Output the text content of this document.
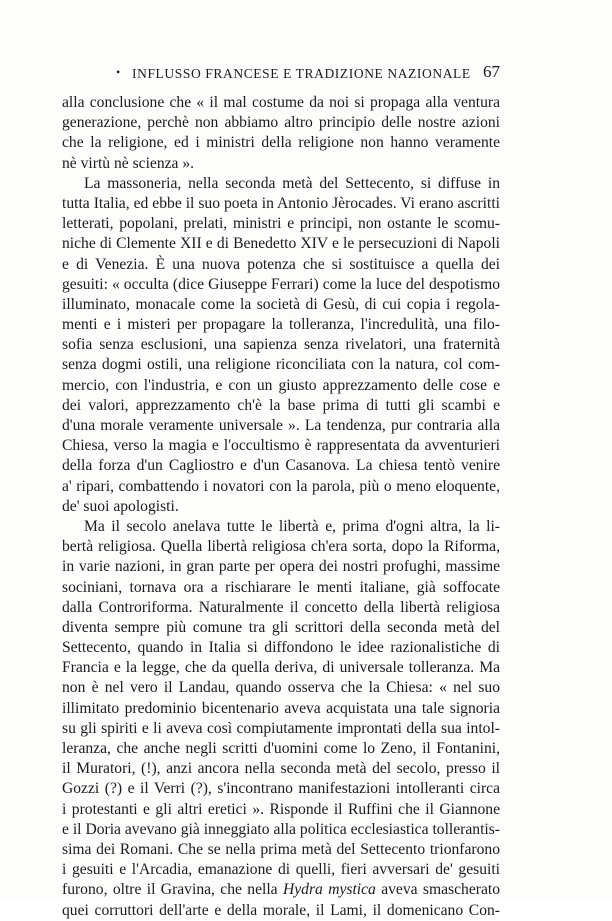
• INFLUSSO FRANCESE E TRADIZIONE NAZIONALE 67
alla conclusione che « il mal costume da noi si propaga alla ventura
generazione, perchè non abbiamo altro principio delle nostre azioni
che la religione, ed i ministri della religione non hanno veramente
nè virtù nè scienza ».
La massoneria, nella seconda metà del Settecento, si diffuse in
tutta Italia, ed ebbe il suo poeta in Antonio Jèrocades. Vi erano ascritti
letterati, popolani, prelati, ministri e principi, non ostante le scomu-
niche di Clemente XII e di Benedetto XIV e le persecuzioni di Napoli
e di Venezia. È una nuova potenza che si sostituisce a quella dei
gesuiti: « occulta (dice Giuseppe Ferrari) come la luce del despotismo
illuminato, monacale come la società di Gesù, di cui copia i regola-
menti e i misteri per propagare la tolleranza, l'incredulità, una filo-
sofia senza esclusioni, una sapienza senza rivelatori, una fraternità
senza dogmi ostili, una religione riconciliata con la natura, col com-
mercio, con l'industria, e con un giusto apprezzamento delle cose e
dei valori, apprezzamento ch'è la base prima di tutti gli scambi e
d'una morale veramente universale ». La tendenza, pur contraria alla
Chiesa, verso la magia e l'occultismo è rappresentata da avventurieri
della forza d'un Cagliostro e d'un Casanova. La chiesa tentò venire
a' ripari, combattendo i novatori con la parola, più o meno eloquente,
de' suoi apologisti.
Ma il secolo anelava tutte le libertà e, prima d'ogni altra, la li-
bertà religiosa. Quella libertà religiosa ch'era sorta, dopo la Riforma,
in varie nazioni, in gran parte per opera dei nostri profughi, massime
sociniani, tornava ora a rischiarare le menti italiane, già soffocate
dalla Controriforma. Naturalmente il concetto della libertà religiosa
diventa sempre più comune tra gli scrittori della seconda metà del
Settecento, quando in Italia si diffondono le idee razionalistiche di
Francia e la legge, che da quella deriva, di universale tolleranza. Ma
non è nel vero il Landau, quando osserva che la Chiesa: « nel suo
illimitato predominio bicentenario aveva acquistata una tale signoria
su gli spiriti e li aveva così compiutamente improntati della sua intol-
leranza, che anche negli scritti d'uomini come lo Zeno, il Fontanini,
il Muratori, (!), anzi ancora nella seconda metà del secolo, presso il
Gozzi (?) e il Verri (?), s'incontrano manifestazioni intolleranti circa
i protestanti e gli altri eretici ». Risponde il Ruffini che il Giannone
e il Doria avevano già inneggiato alla politica ecclesiastica tollerantis-
sima dei Romani. Che se nella prima metà del Settecento trionfarono
i gesuiti e l'Arcadia, emanazione di quelli, fieri avversari de' gesuiti
furono, oltre il Gravina, che nella Hydra mystica aveva smascherato
quei corruttori dell'arte e della morale, il Lami, il domenicano Con-
